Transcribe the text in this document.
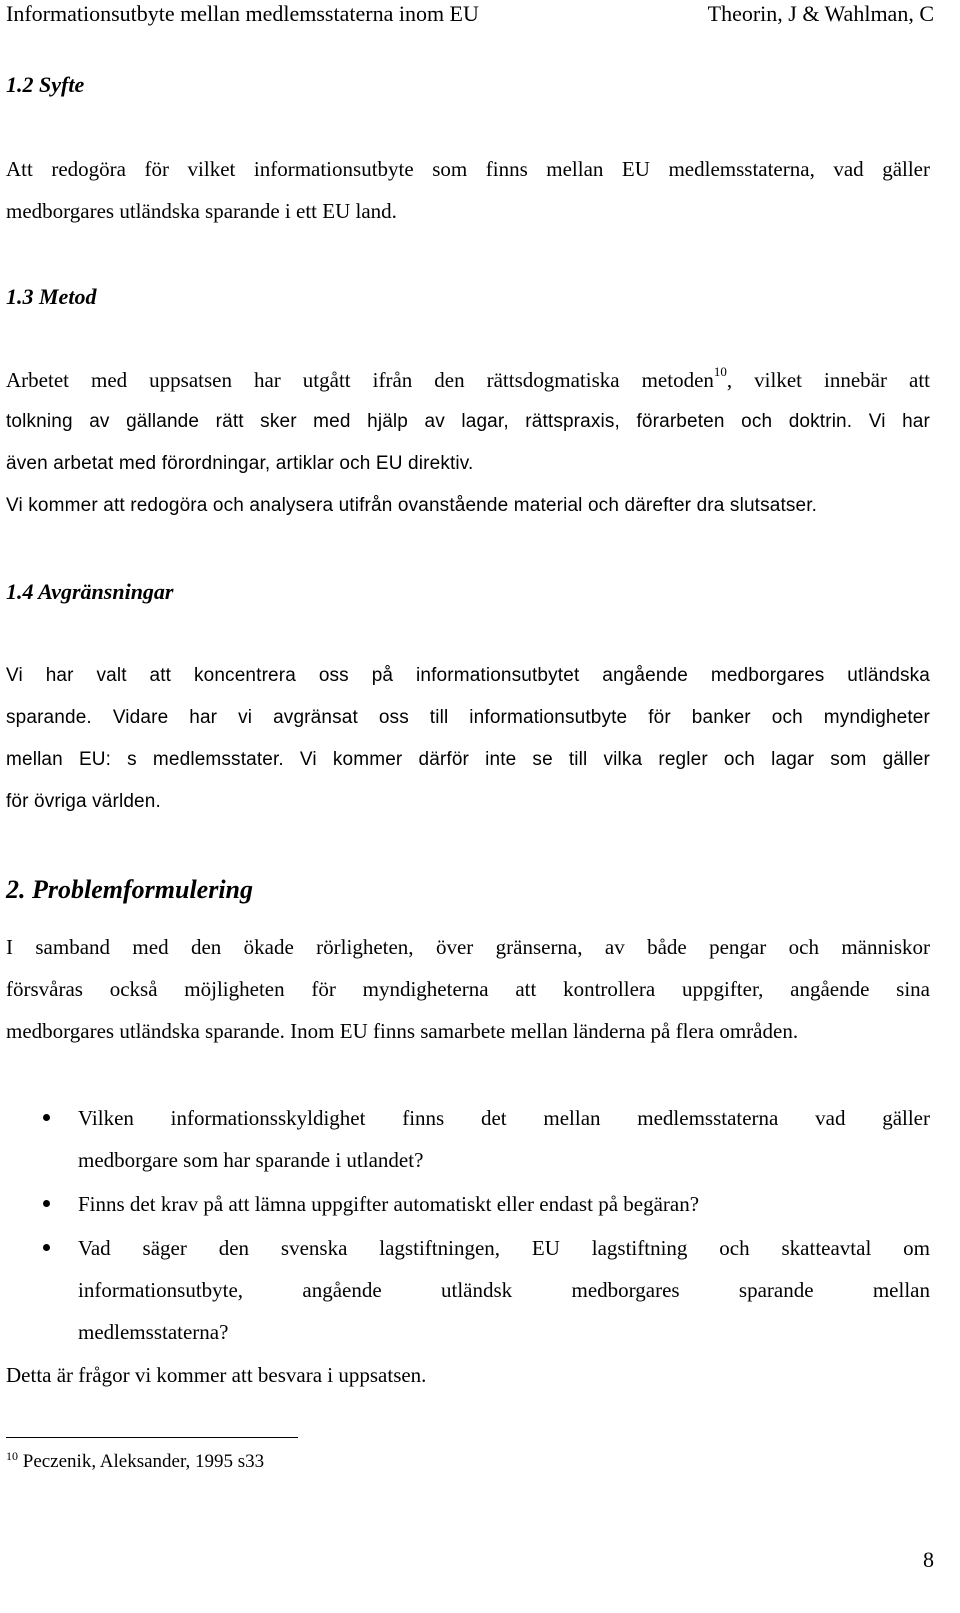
Informationsutbyte mellan medlemsstaterna inom EU	Theorin, J & Wahlman, C
1.2 Syfte
Att redogöra för vilket informationsutbyte som finns mellan EU medlemsstaterna, vad gäller
medborgares utländska sparande i ett EU land.
1.3 Metod
Arbetet med uppsatsen har utgått ifrån den rättsdogmatiska metoden$^{10}$, vilket innebär att
tolkning av gällande rätt sker med hjälp av lagar, rättspraxis, förarbeten och doktrin. Vi har
även arbetat med förordningar, artiklar och EU direktiv.
Vi kommer att redogöra och analysera utifrån ovanstående material och därefter dra slutsatser.
1.4 Avgränsningar
Vi har valt att koncentrera oss på informationsutbytet angående medborgares utländska
sparande. Vidare har vi avgränsat oss till informationsutbyte för banker och myndigheter
mellan EU: s medlemsstater. Vi kommer därför inte se till vilka regler och lagar som gäller
för övriga världen.
2. Problemformulering
I samband med den ökade rörligheten, över gränserna, av både pengar och människor
försvåras också möjligheten för myndigheterna att kontrollera uppgifter, angående sina
medborgares utländska sparande. Inom EU finns samarbete mellan länderna på flera områden.
Vilken informationsskyldighet finns det mellan medlemsstaterna vad gäller
medborgare som har sparande i utlandet?
Finns det krav på att lämna uppgifter automatiskt eller endast på begäran?
Vad säger den svenska lagstiftningen, EU lagstiftning och skatteavtal om
informationsutbyte, angående utländsk medborgares sparande mellan
medlemsstaterna?
Detta är frågor vi kommer att besvara i uppsatsen.
$^{10}$ Peczenik, Aleksander, 1995 s33
8
